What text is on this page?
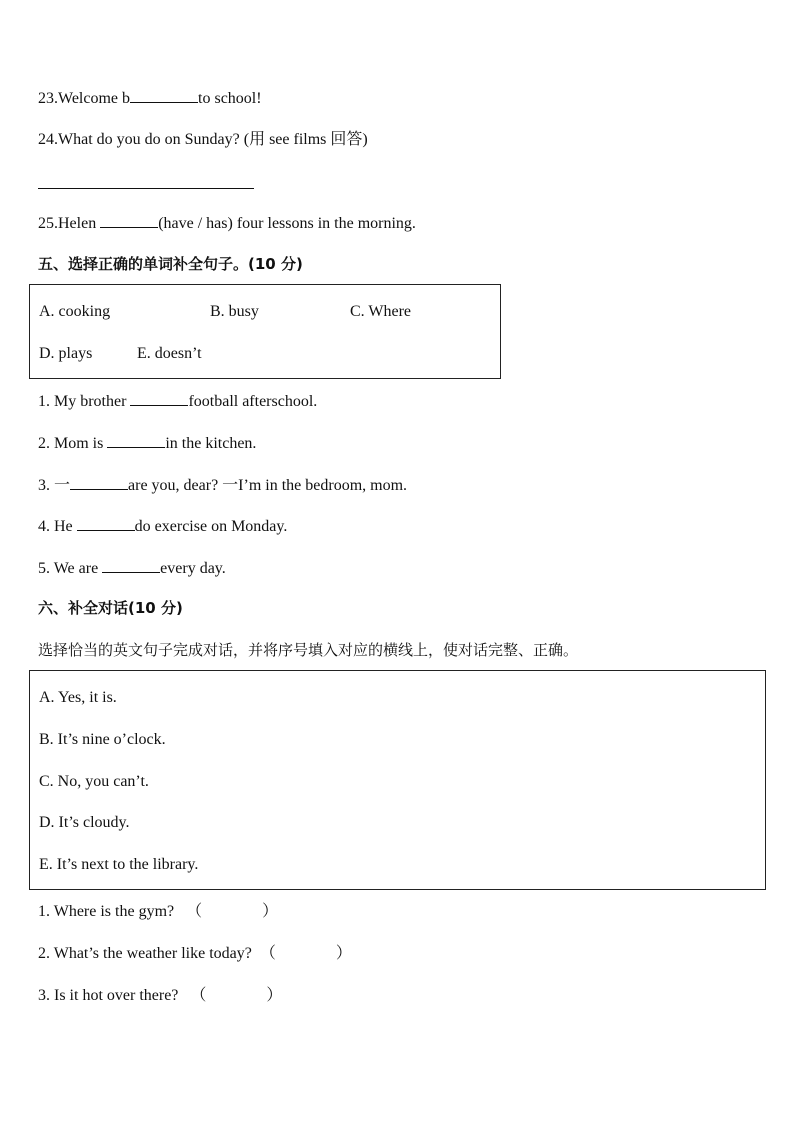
23.Welcome b	to school!
24.What do you do on Sunday? (用 see films 回答)
25.Helen	(have / has) four lessons in the morning.
五、选择正确的单词补全句子。(10 分)
A. cooking	B. busy	C. Where
D. plays	E. doesn’t
1. My brother	football afterschool.
2. Mom is	in the kitchen.
3. 一	are you, dear? 一I’m in the bedroom, mom.
4. He	do exercise on Monday.
5. We are	every day.
六、补全对话(10 分)
选择恰当的英文句子完成对话，并将序号填入对应的横线上，使对话完整、正确。
A. Yes, it is.
B. It’s nine o’clock.
C. No, you can’t.
D. It’s cloudy.
E. It’s next to the library.
1. Where is the gym? （	）
2. What’s the weather like today? （	）
3. Is it hot over there? （	）
